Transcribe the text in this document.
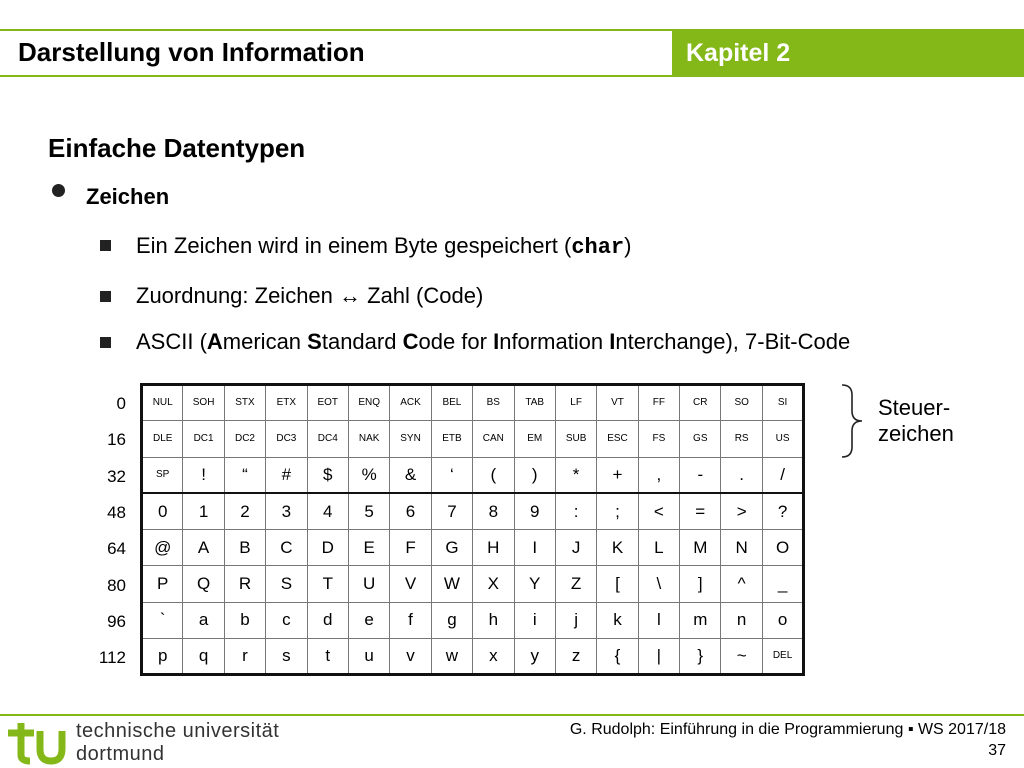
Darstellung von Information	Kapitel 2
Einfache Datentypen
Zeichen
Ein Zeichen wird in einem Byte gespeichert (char)
Zuordnung: Zeichen ↔ Zahl (Code)
ASCII (American Standard Code for Information Interchange), 7-Bit-Code
0
16
32
48
64
80
96
112
NUL	SOH	STX	ETX	EOT	ENQ	ACK	BEL	BS	TAB	LF	VT	FF	CR	SO	SI
DLE	DC1	DC2	DC3	DC4	NAK	SYN	ETB	CAN	EM	SUB	ESC	FS	GS	RS	US
SP	!	“	#	$	%	&	‘	(	)	*	+	,	-	.	/
0	1	2	3	4	5	6	7	8	9	:	;	<	=	>	?
@	A	B	C	D	E	F	G	H	I	J	K	L	M	N	O
P	Q	R	S	T	U	V	W	X	Y	Z	[	\	]	^	_
`	a	b	c	d	e	f	g	h	i	j	k	l	m	n	o
p	q	r	s	t	u	v	w	x	y	z	{	|	}	~	DEL
Steuer-
zeichen
technische universität
dortmund
G. Rudolph: Einführung in die Programmierung ▪ WS 2017/18
37
